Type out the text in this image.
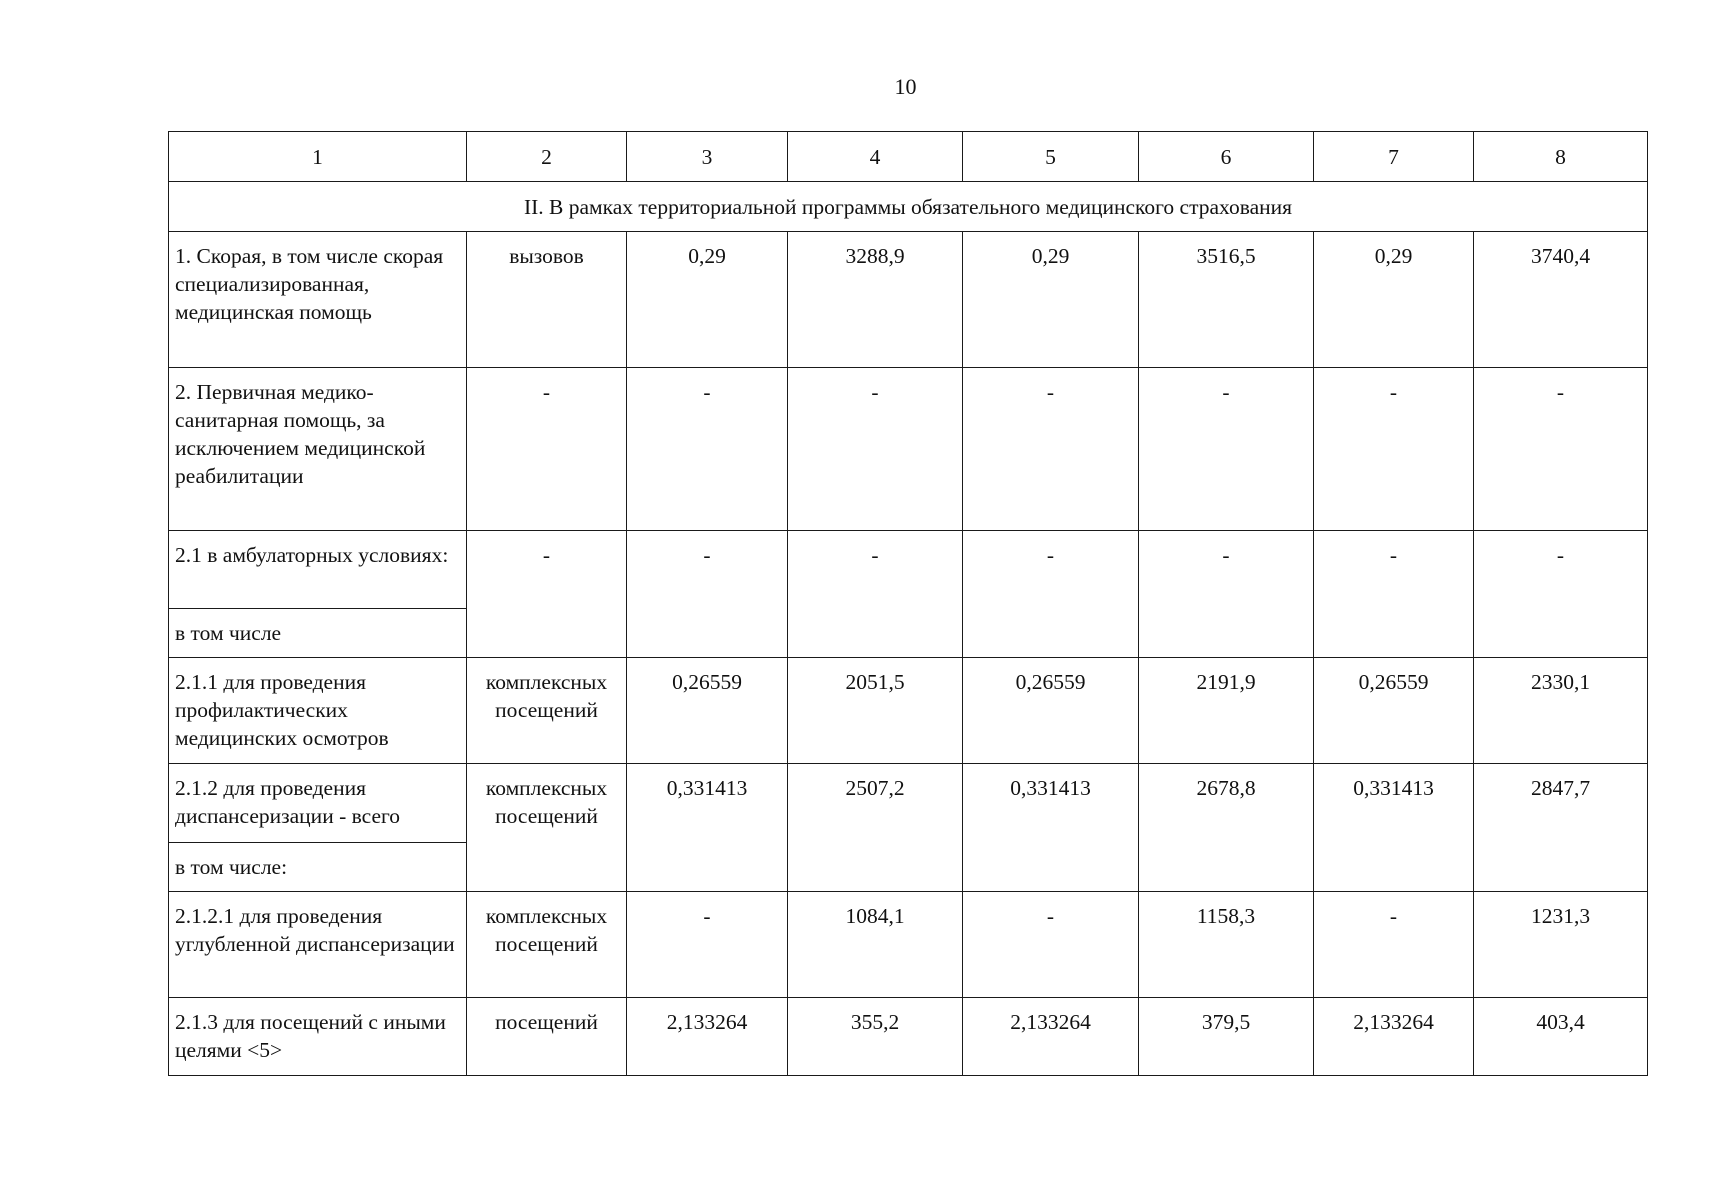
10
1	2	3	4	5	6	7	8
II. В рамках территориальной программы обязательного медицинского страхования							
1. Скорая, в том числе скорая специализированная, медицинская помощь	вызовов	0,29	3288,9	0,29	3516,5	0,29	3740,4
2. Первичная медико-санитарная помощь, за исключением медицинской реабилитации	-	-	-	-	-	-	-
2.1 в амбулаторных условиях:	-	-	-	-	-	-	-
в том числе							
2.1.1 для проведения профилактических медицинских осмотров	комплексных посещений	0,26559	2051,5	0,26559	2191,9	0,26559	2330,1
2.1.2 для проведения диспансеризации - всего	комплексных посещений	0,331413	2507,2	0,331413	2678,8	0,331413	2847,7
в том числе:							
2.1.2.1 для проведения углубленной диспансеризации	комплексных посещений	-	1084,1	-	1158,3	-	1231,3
2.1.3 для посещений с иными целями <5>	посещений	2,133264	355,2	2,133264	379,5	2,133264	403,4
